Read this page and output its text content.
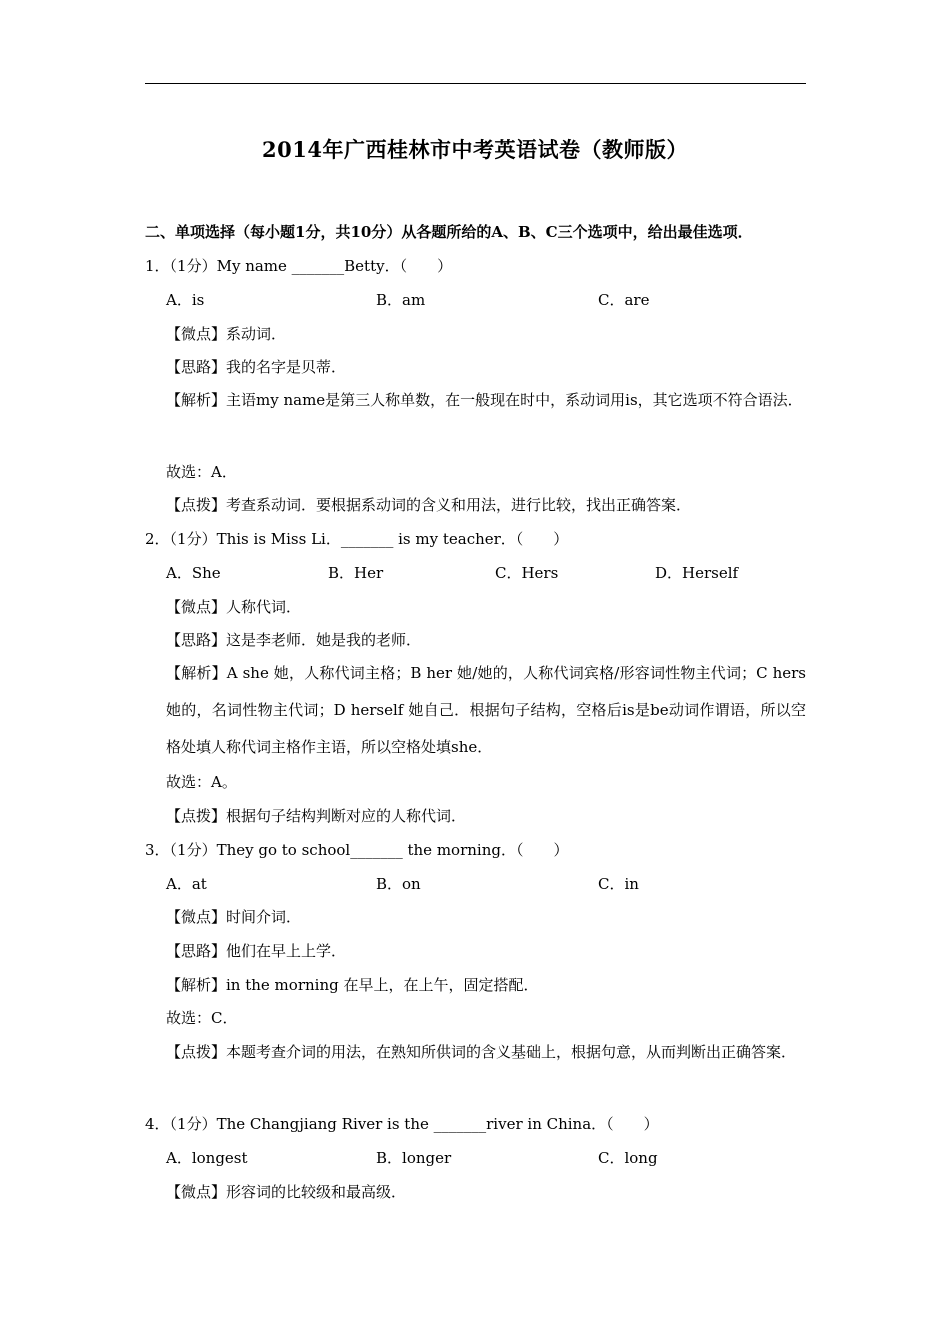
2014年广西桂林市中考英语试卷（教师版）
二、单项选择（每小题1分，共10分）从各题所给的A、B、C三个选项中，给出最佳选项．
1．（1分）My name _______Betty．（　　）
A．is	B．am	C．are
【微点】系动词．
【思路】我的名字是贝蒂．
【解析】主语my name是第三人称单数，在一般现在时中，系动词用is，其它选项不符合语法．
故选：A．
【点拨】考查系动词．要根据系动词的含义和用法，进行比较，找出正确答案．
2．（1分）This is Miss Li．_______ is my teacher．（　　）
A．She	B．Her	C．Hers	D．Herself
【微点】人称代词．
【思路】这是李老师．她是我的老师．
【解析】A she 她，人称代词主格；B her 她/她的，人称代词宾格/形容词性物主代词；C hers 她的，名词性物主代词；D herself 她自己．根据句子结构，空格后is是be动词作谓语，所以空格处填人称代词主格作主语，所以空格处填she．
故选：A。
【点拨】根据句子结构判断对应的人称代词．
3．（1分）They go to school_______ the morning．（　　）
A．at	B．on	C．in
【微点】时间介词．
【思路】他们在早上上学．
【解析】in the morning 在早上，在上午，固定搭配．
故选：C．
【点拨】本题考查介词的用法，在熟知所供词的含义基础上，根据句意，从而判断出正确答案．
4．（1分）The Changjiang River is the _______river in China．（　　）
A．longest	B．longer	C．long
【微点】形容词的比较级和最高级．
